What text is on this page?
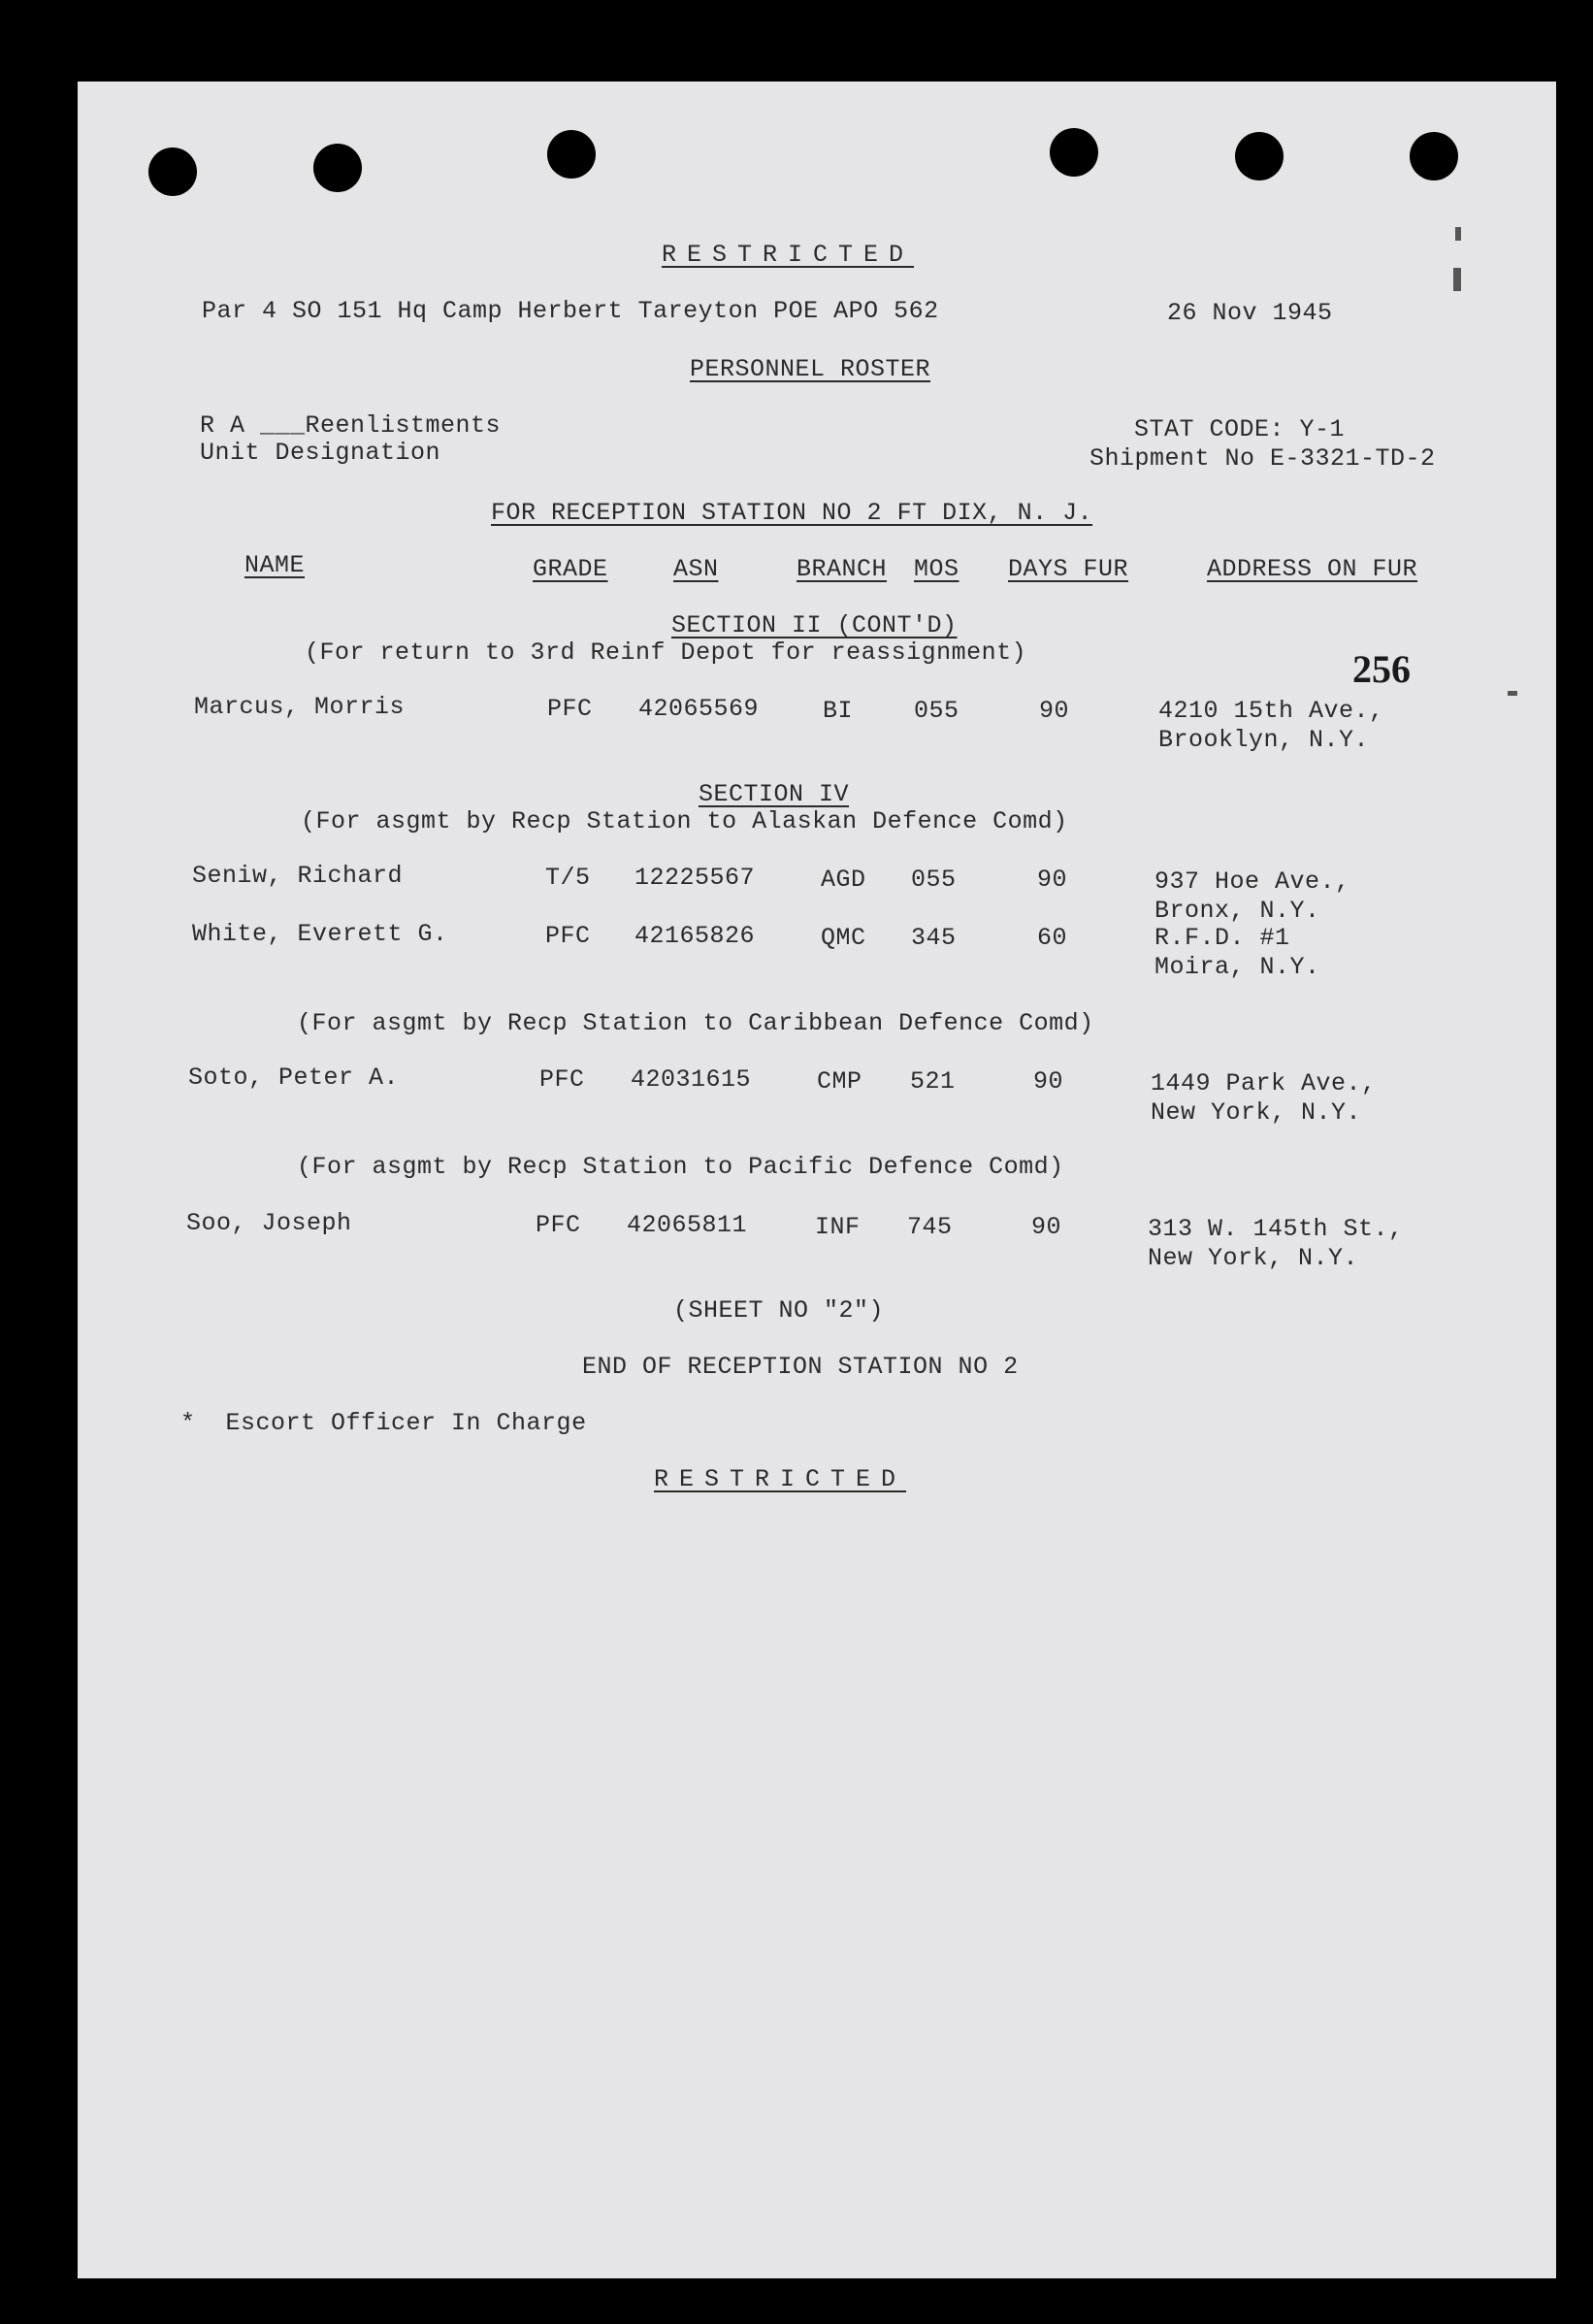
RESTRICTED
Par 4 SO 151 Hq Camp Herbert Tareyton POE APO 562	26 Nov 1945
PERSONNEL ROSTER
R A ___Reenlistments
Unit Designation
STAT CODE: Y-1
Shipment No E-3321-TD-2
FOR RECEPTION STATION NO 2 FT DIX, N. J.
NAME	GRADE	ASN	BRANCH MOS DAYS FUR	ADDRESS ON FUR
SECTION II (CONT'D)
(For return to 3rd Reinf Depot for reassignment)	256
Marcus, Morris	PFC 42065569	BI	055	90	4210 15th Ave.,
Brooklyn, N.Y.
SECTION IV
(For asgmt by Recp Station to Alaskan Defence Comd)
Seniw, Richard	T/5 12225567	AGD 055	90	937 Hoe Ave.,
Bronx, N.Y.
White, Everett G.	PFC 42165826	QMC 345	60	R.F.D. #1
Moira, N.Y.
(For asgmt by Recp Station to Caribbean Defence Comd)
Soto, Peter A.	PFC 42031615	CMP 521	90	1449 Park Ave.,
New York, N.Y.
(For asgmt by Recp Station to Pacific Defence Comd)
Soo, Joseph	PFC 42065811	INF 745	90	313 W. 145th St.,
New York, N.Y.
(SHEET NO "2")
END OF RECEPTION STATION NO 2
*  Escort Officer In Charge
RESTRICTED
